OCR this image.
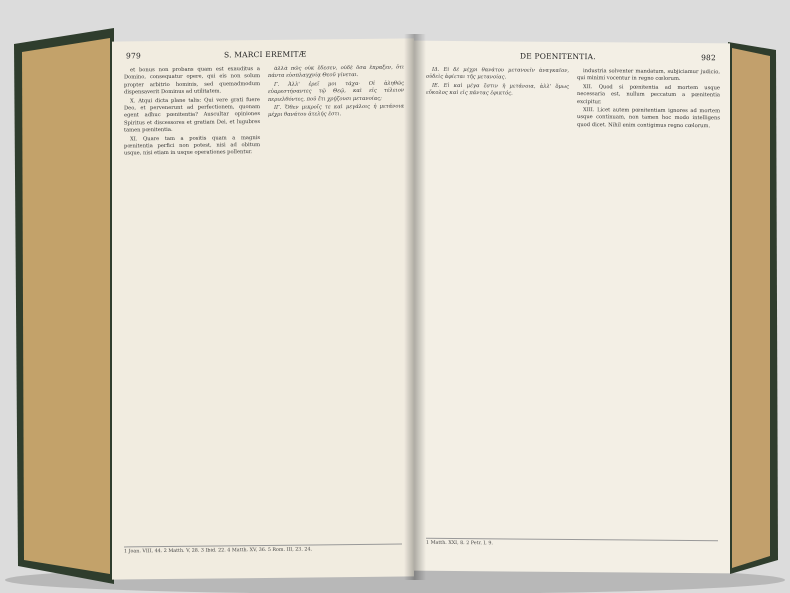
979	S. MARCI EREMITÆ

et bonus non probans quam est exauditus a Domino, consequatur opere, qui eis non solum propter arbitrio hominis, sed quemadmodum dispensaverit Dominus ad utilitatem.

X. Atqui dicta plane talis: Qui vere grati fuere Deo, et pervenerunt ad perfectionem, quonam egent adhuc pœnitentia? Auscultar opiniones Spiritus et discessores et gratiam Dei, et lugubres tamen pœnitentia.

XI. Quare tam a positis quam a magnis pœnitentia perfici non potest, nisi ad obitum usque, nisi etiam in usque operationes pollentur.

ἀλλὰ πῶς οὐκ ἔδεσεν, οὐδὲ ὅσα ἔπραξεν, ὅτι πάντα εὐσπλαγχνίᾳ Θεοῦ γίνεται.

Γ. Ἀλλ' ἐρεῖ μοι τάχα· Οἱ ἀληθῶς εὐαρεστήσαντες τῷ Θεῷ, καὶ εἰς τέλειον περιελθόντες, ποῦ ἔτι χρῄζουσι μετανοίας;

ΙΓ. Ὅθεν μικροῖς τε καὶ μεγάλοις ἡ μετάνοια μέχρι θανάτου ἀτελής ἐστι.

1 Joan. VIII, 44. 2 Matth. V, 28. 3 Ibid. 22. 4 Matth. XV, 36. 5 Rom. III, 23. 24.
DE POENITENTIA.	982

ΙΔ. Εἰ δὲ μέχρι θανάτου μετανοεῖν ἀναγκαῖον, οὐδεὶς ἀφίεται τῆς μετανοίας.

ΙΕ. Εἰ καὶ μέγα ἔστιν ἡ μετάνοια, ἀλλ' ὅμως εὔκολος καὶ εἰς πάντας ἐφικτός.

industria solventer mandatum, subjiciamur judicio, qui minimi vocentur in regno cœlorum.

XII. Quod si pœnitentia ad mortem usque necessaria est, nullum peccatum a pœnitentia excipitur.

XIII. Licet autem pœnitentiam ignores ad mortem usque continuam, non tamen hoc modo intelligens quod dicet. Nihil enim contigimus regno cœlorum.

1 Matth. XXI, 8. 2 Petr. I, 9.
